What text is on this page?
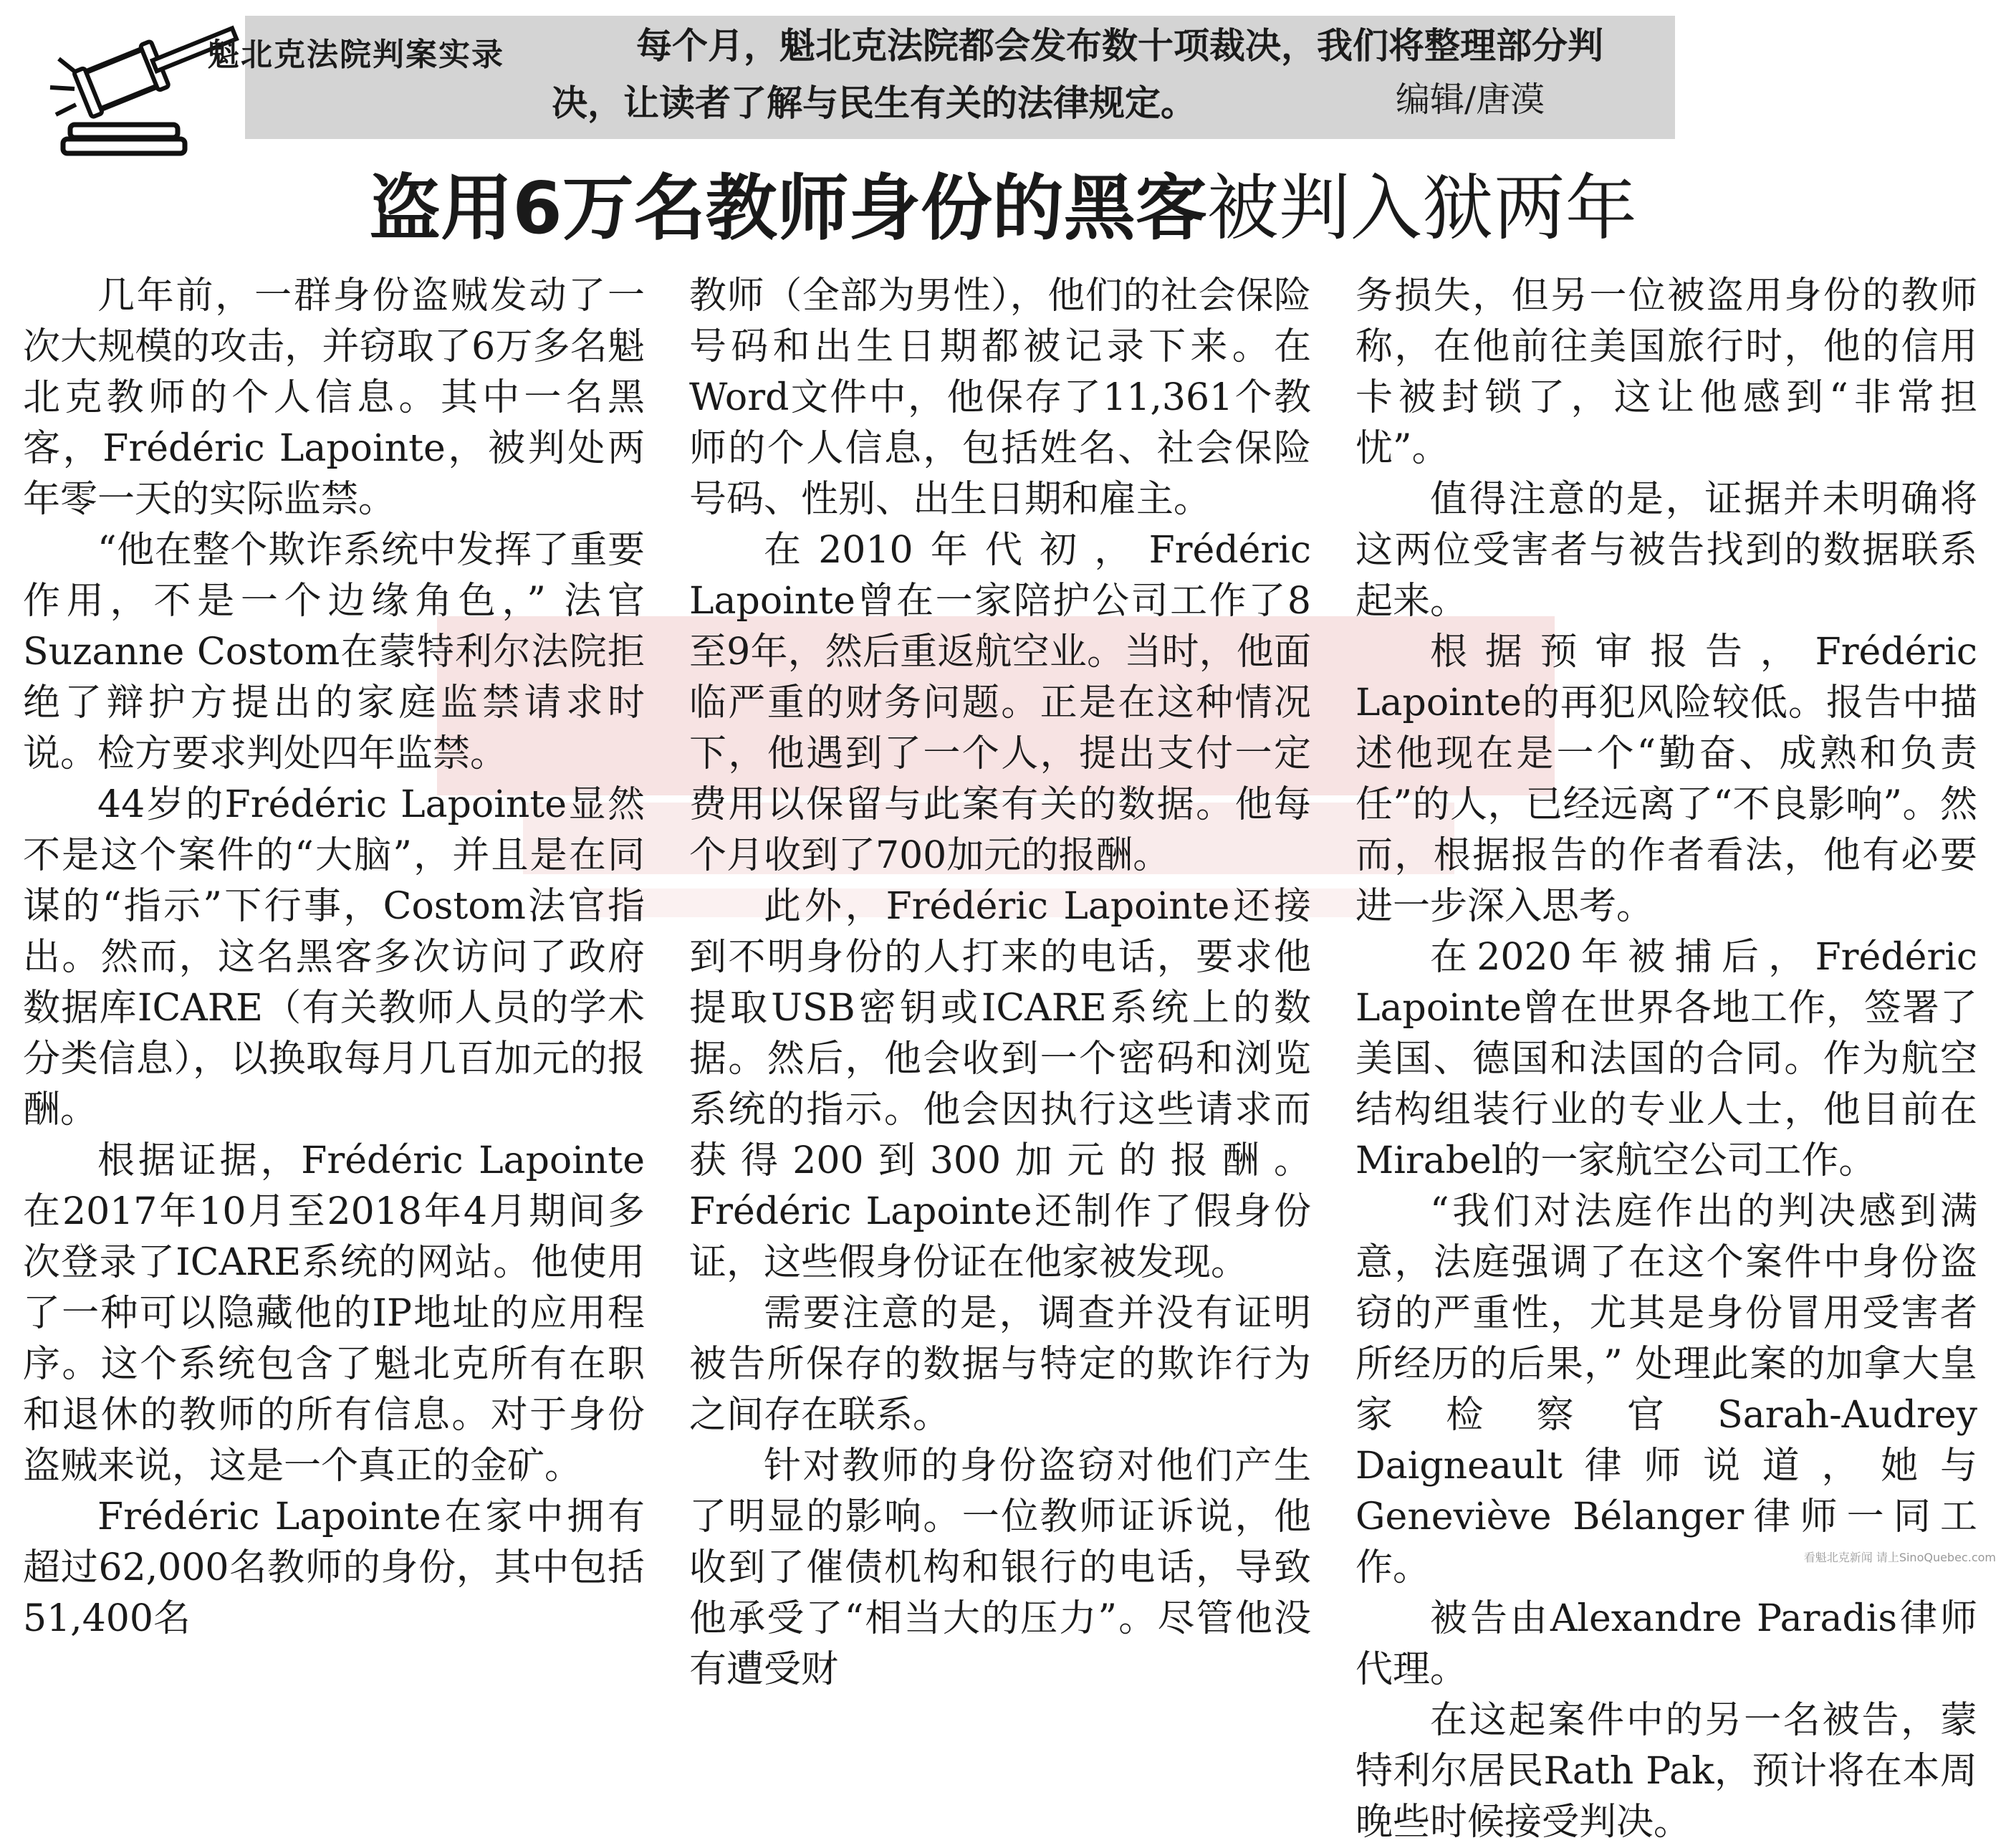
魁北克法院判案实录	每个月，魁北克法院都会发布数十项裁决，我们将整理部分判
决，让读者了解与民生有关的法律规定。	编辑/唐漠
盗用6万名教师身份的黑客被判入狱两年

几年前，一群身份盗贼发动了一次大规模的攻击，并窃取了6万多名魁北克教师的个人信息。其中一名黑客，Frédéric Lapointe，被判处两年零一天的实际监禁。

“他在整个欺诈系统中发挥了重要作用，不是一个边缘角色，” 法官Suzanne Costom在蒙特利尔法院拒绝了辩护方提出的家庭监禁请求时说。检方要求判处四年监禁。

44岁的Frédéric Lapointe显然不是这个案件的“大脑”，并且是在同谋的“指示”下行事，Costom法官指出。然而，这名黑客多次访问了政府数据库ICARE（有关教师人员的学术分类信息），以换取每月几百加元的报酬。

根据证据，Frédéric Lapointe在2017年10月至2018年4月期间多次登录了ICARE系统的网站。他使用了一种可以隐藏他的IP地址的应用程序。这个系统包含了魁北克所有在职和退休的教师的所有信息。对于身份盗贼来说，这是一个真正的金矿。

Frédéric Lapointe在家中拥有超过62,000名教师的身份，其中包括51,400名

教师（全部为男性），他们的社会保险号码和出生日期都被记录下来。在Word文件中，他保存了11,361个教师的个人信息，包括姓名、社会保险号码、性别、出生日期和雇主。

在2010年代初，Frédéric Lapointe曾在一家陪护公司工作了8至9年，然后重返航空业。当时，他面临严重的财务问题。正是在这种情况下，他遇到了一个人，提出支付一定费用以保留与此案有关的数据。他每个月收到了700加元的报酬。

此外，Frédéric Lapointe还接到不明身份的人打来的电话，要求他提取USB密钥或ICARE系统上的数据。然后，他会收到一个密码和浏览系统的指示。他会因执行这些请求而获得200到300加元的报酬。Frédéric Lapointe还制作了假身份证，这些假身份证在他家被发现。

需要注意的是，调查并没有证明被告所保存的数据与特定的欺诈行为之间存在联系。

针对教师的身份盗窃对他们产生了明显的影响。一位教师证诉说，他收到了催债机构和银行的电话，导致他承受了“相当大的压力”。尽管他没有遭受财

务损失，但另一位被盗用身份的教师称，在他前往美国旅行时，他的信用卡被封锁了，这让他感到“非常担忧”。

值得注意的是，证据并未明确将这两位受害者与被告找到的数据联系起来。

根据预审报告，Frédéric Lapointe的再犯风险较低。报告中描述他现在是一个“勤奋、成熟和负责任”的人，已经远离了“不良影响”。然而，根据报告的作者看法，他有必要进一步深入思考。

在2020年被捕后，Frédéric Lapointe曾在世界各地工作，签署了美国、德国和法国的合同。作为航空结构组装行业的专业人士，他目前在Mirabel的一家航空公司工作。

“我们对法庭作出的判决感到满意，法庭强调了在这个案件中身份盗窃的严重性，尤其是身份冒用受害者所经历的后果，” 处理此案的加拿大皇家检察官Sarah-Audrey Daigneault律师说道，她与Geneviève Bélanger律师一同工作。

被告由Alexandre Paradis律师代理。

在这起案件中的另一名被告，蒙特利尔居民Rath Pak，预计将在本周晚些时候接受判决。

看魁北克新闻 请上SinoQuebec.com
